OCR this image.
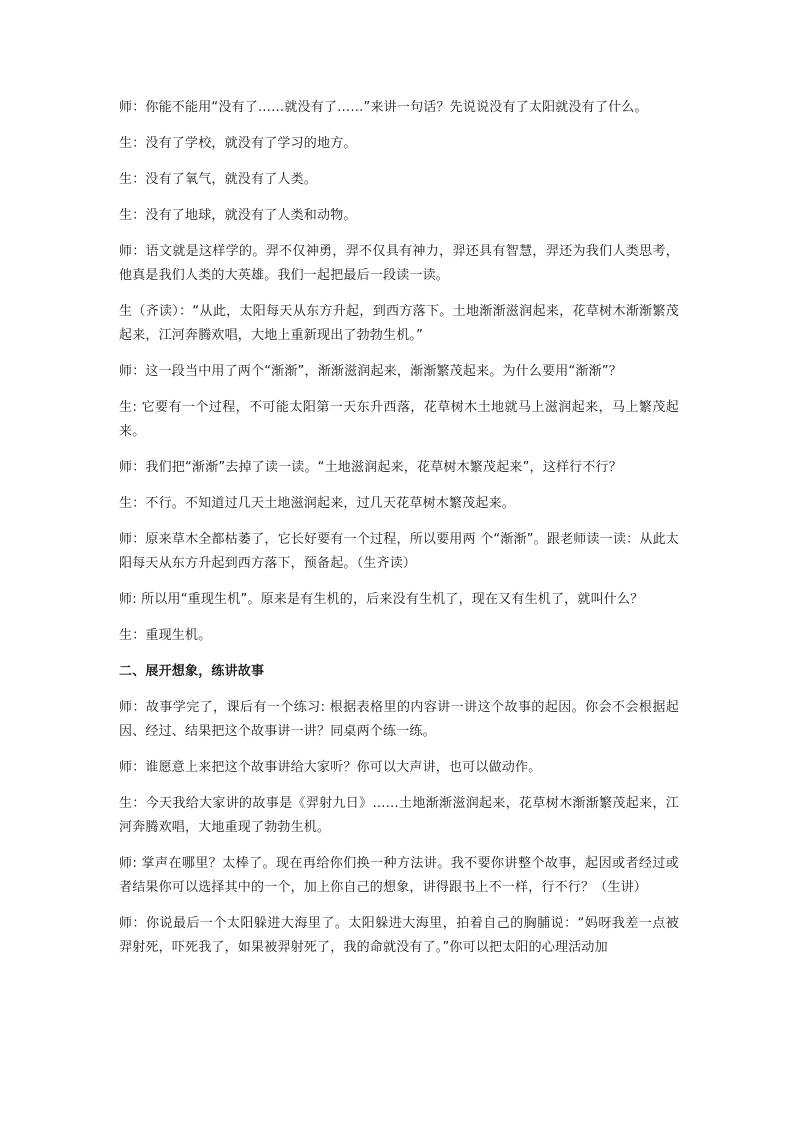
师：你能不能用“没有了……就没有了……”来讲一句话？先说说没有了太阳就没有了什么。

生：没有了学校，就没有了学习的地方。

生：没有了氧气，就没有了人类。

生：没有了地球，就没有了人类和动物。

师：语文就是这样学的。羿不仅神勇，羿不仅具有神力，羿还具有智慧，羿还为我们人类思考，他真是我们人类的大英雄。我们一起把最后一段读一读。

生（齐读）：“从此，太阳每天从东方升起，到西方落下。土地渐渐滋润起来，花草树木渐渐繁茂起来，江河奔腾欢唱，大地上重新现出了勃勃生机。”

师：这一段当中用了两个“渐渐”，渐渐滋润起来，渐渐繁茂起来。为什么要用“渐渐”？

生: 它要有一个过程，不可能太阳第一天东升西落，花草树木土地就马上滋润起来，马上繁茂起来。

师：我们把“渐渐”去掉了读一读。“土地滋润起来，花草树木繁茂起来”，这样行不行？

生：不行。不知道过几天土地滋润起来，过几天花草树木繁茂起来。

师：原来草木全都枯萎了，它长好要有一个过程，所以要用两 个“渐渐”。跟老师读一读：从此太阳每天从东方升起到西方落下，预备起。（生齐读）

师: 所以用“重现生机”。原来是有生机的，后来没有生机了，现在又有生机了，就叫什么？

生：重现生机。

二、展开想象，练讲故事

师：故事学完了，课后有一个练习: 根据表格里的内容讲一讲这个故事的起因。你会不会根据起因、经过、结果把这个故事讲一讲？同桌两个练一练。

师：谁愿意上来把这个故事讲给大家听？你可以大声讲，也可以做动作。

生：今天我给大家讲的故事是《羿射九日》……土地渐渐滋润起来，花草树木渐渐繁茂起来，江河奔腾欢唱，大地重现了勃勃生机。

师: 掌声在哪里？太棒了。现在再给你们换一种方法讲。我不要你讲整个故事，起因或者经过或者结果你可以选择其中的一个，加上你自己的想象，讲得跟书上不一样，行不行？（生讲）

师：你说最后一个太阳躲进大海里了。太阳躲进大海里，拍着自己的胸脯说：“妈呀我差一点被羿射死，吓死我了，如果被羿射死了，我的命就没有了。”你可以把太阳的心理活动加
